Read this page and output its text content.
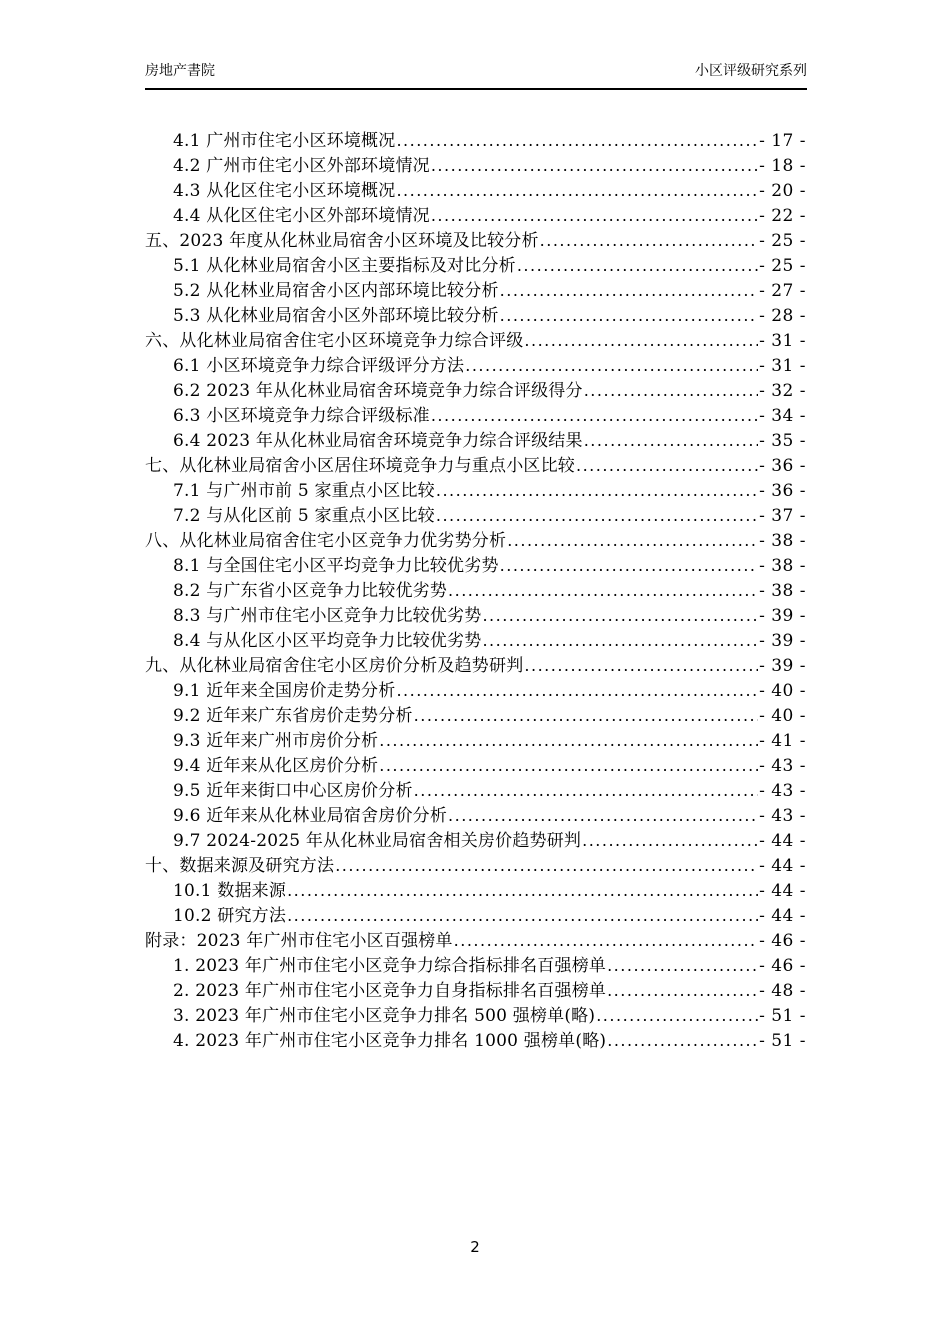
房地产書院	小区评级研究系列
4.1 广州市住宅小区环境概况 .....	- 17 -
4.2 广州市住宅小区外部环境情况 .....	- 18 -
4.3 从化区住宅小区环境概况 .....	- 20 -
4.4 从化区住宅小区外部环境情况 .....	- 22 -
五、2023 年度从化林业局宿舍小区环境及比较分析 .....	- 25 -
5.1 从化林业局宿舍小区主要指标及对比分析 .....	- 25 -
5.2 从化林业局宿舍小区内部环境比较分析 .....	- 27 -
5.3 从化林业局宿舍小区外部环境比较分析 .....	- 28 -
六、从化林业局宿舍住宅小区环境竞争力综合评级 .....	- 31 -
6.1 小区环境竞争力综合评级评分方法 .....	- 31 -
6.2 2023 年从化林业局宿舍环境竞争力综合评级得分 .....	- 32 -
6.3 小区环境竞争力综合评级标准 .....	- 34 -
6.4 2023 年从化林业局宿舍环境竞争力综合评级结果 .....	- 35 -
七、从化林业局宿舍小区居住环境竞争力与重点小区比较 .....	- 36 -
7.1 与广州市前 5 家重点小区比较 .....	- 36 -
7.2 与从化区前 5 家重点小区比较 .....	- 37 -
八、从化林业局宿舍住宅小区竞争力优劣势分析 .....	- 38 -
8.1 与全国住宅小区平均竞争力比较优劣势 .....	- 38 -
8.2 与广东省小区竞争力比较优劣势 .....	- 38 -
8.3 与广州市住宅小区竞争力比较优劣势 .....	- 39 -
8.4 与从化区小区平均竞争力比较优劣势 .....	- 39 -
九、从化林业局宿舍住宅小区房价分析及趋势研判 .....	- 39 -
9.1 近年来全国房价走势分析 .....	- 40 -
9.2 近年来广东省房价走势分析 .....	- 40 -
9.3 近年来广州市房价分析 .....	- 41 -
9.4 近年来从化区房价分析 .....	- 43 -
9.5 近年来街口中心区房价分析 .....	- 43 -
9.6 近年来从化林业局宿舍房价分析 .....	- 43 -
9.7 2024-2025 年从化林业局宿舍相关房价趋势研判 .....	- 44 -
十、数据来源及研究方法 .....	- 44 -
10.1 数据来源 .....	- 44 -
10.2 研究方法 .....	- 44 -
附录：2023 年广州市住宅小区百强榜单 .....	- 46 -
1. 2023 年广州市住宅小区竞争力综合指标排名百强榜单 .....	- 46 -
2. 2023 年广州市住宅小区竞争力自身指标排名百强榜单 .....	- 48 -
3. 2023 年广州市住宅小区竞争力排名 500 强榜单(略) .....	- 51 -
4. 2023 年广州市住宅小区竞争力排名 1000 强榜单(略) .....	- 51 -
2
